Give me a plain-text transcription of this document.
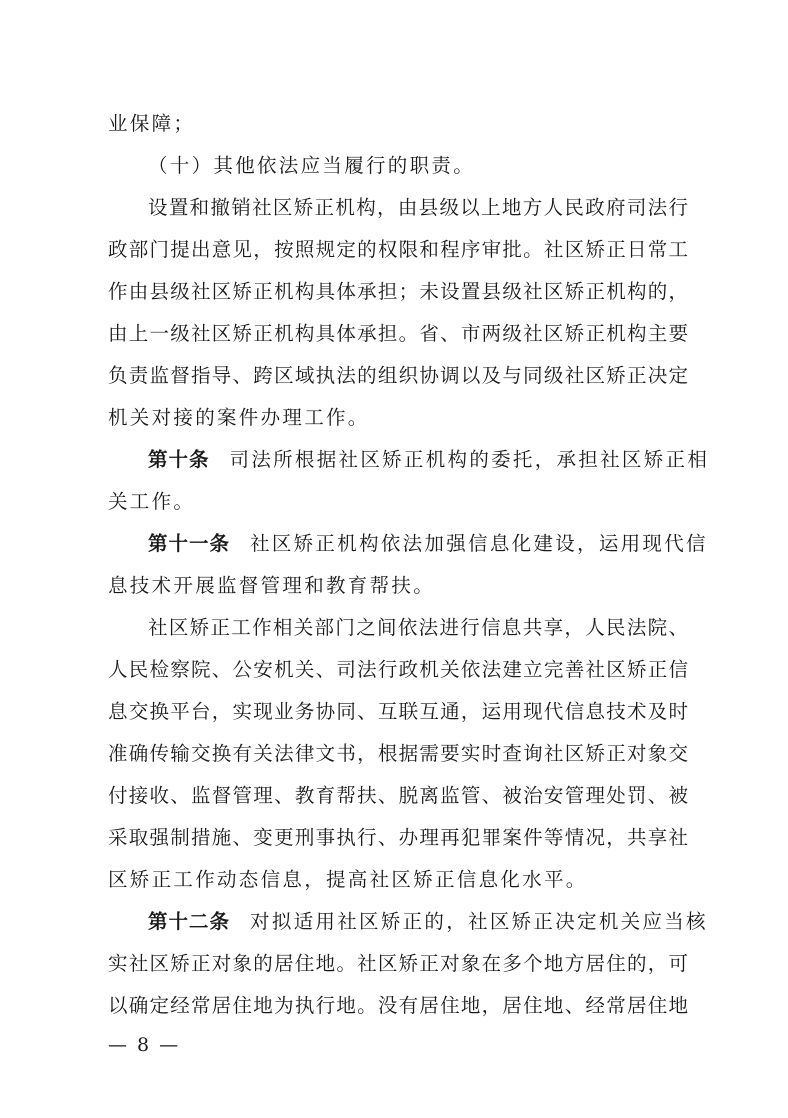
业保障；
（十）其他依法应当履行的职责。
设置和撤销社区矫正机构，由县级以上地方人民政府司法行
政部门提出意见，按照规定的权限和程序审批。社区矫正日常工
作由县级社区矫正机构具体承担；未设置县级社区矫正机构的，
由上一级社区矫正机构具体承担。省、市两级社区矫正机构主要
负责监督指导、跨区域执法的组织协调以及与同级社区矫正决定
机关对接的案件办理工作。
第十条 司法所根据社区矫正机构的委托，承担社区矫正相
关工作。
第十一条 社区矫正机构依法加强信息化建设，运用现代信
息技术开展监督管理和教育帮扶。
社区矫正工作相关部门之间依法进行信息共享，人民法院、
人民检察院、公安机关、司法行政机关依法建立完善社区矫正信
息交换平台，实现业务协同、互联互通，运用现代信息技术及时
准确传输交换有关法律文书，根据需要实时查询社区矫正对象交
付接收、监督管理、教育帮扶、脱离监管、被治安管理处罚、被
采取强制措施、变更刑事执行、办理再犯罪案件等情况，共享社
区矫正工作动态信息，提高社区矫正信息化水平。
第十二条 对拟适用社区矫正的，社区矫正决定机关应当核
实社区矫正对象的居住地。社区矫正对象在多个地方居住的，可
以确定经常居住地为执行地。没有居住地，居住地、经常居住地
— 8 —
